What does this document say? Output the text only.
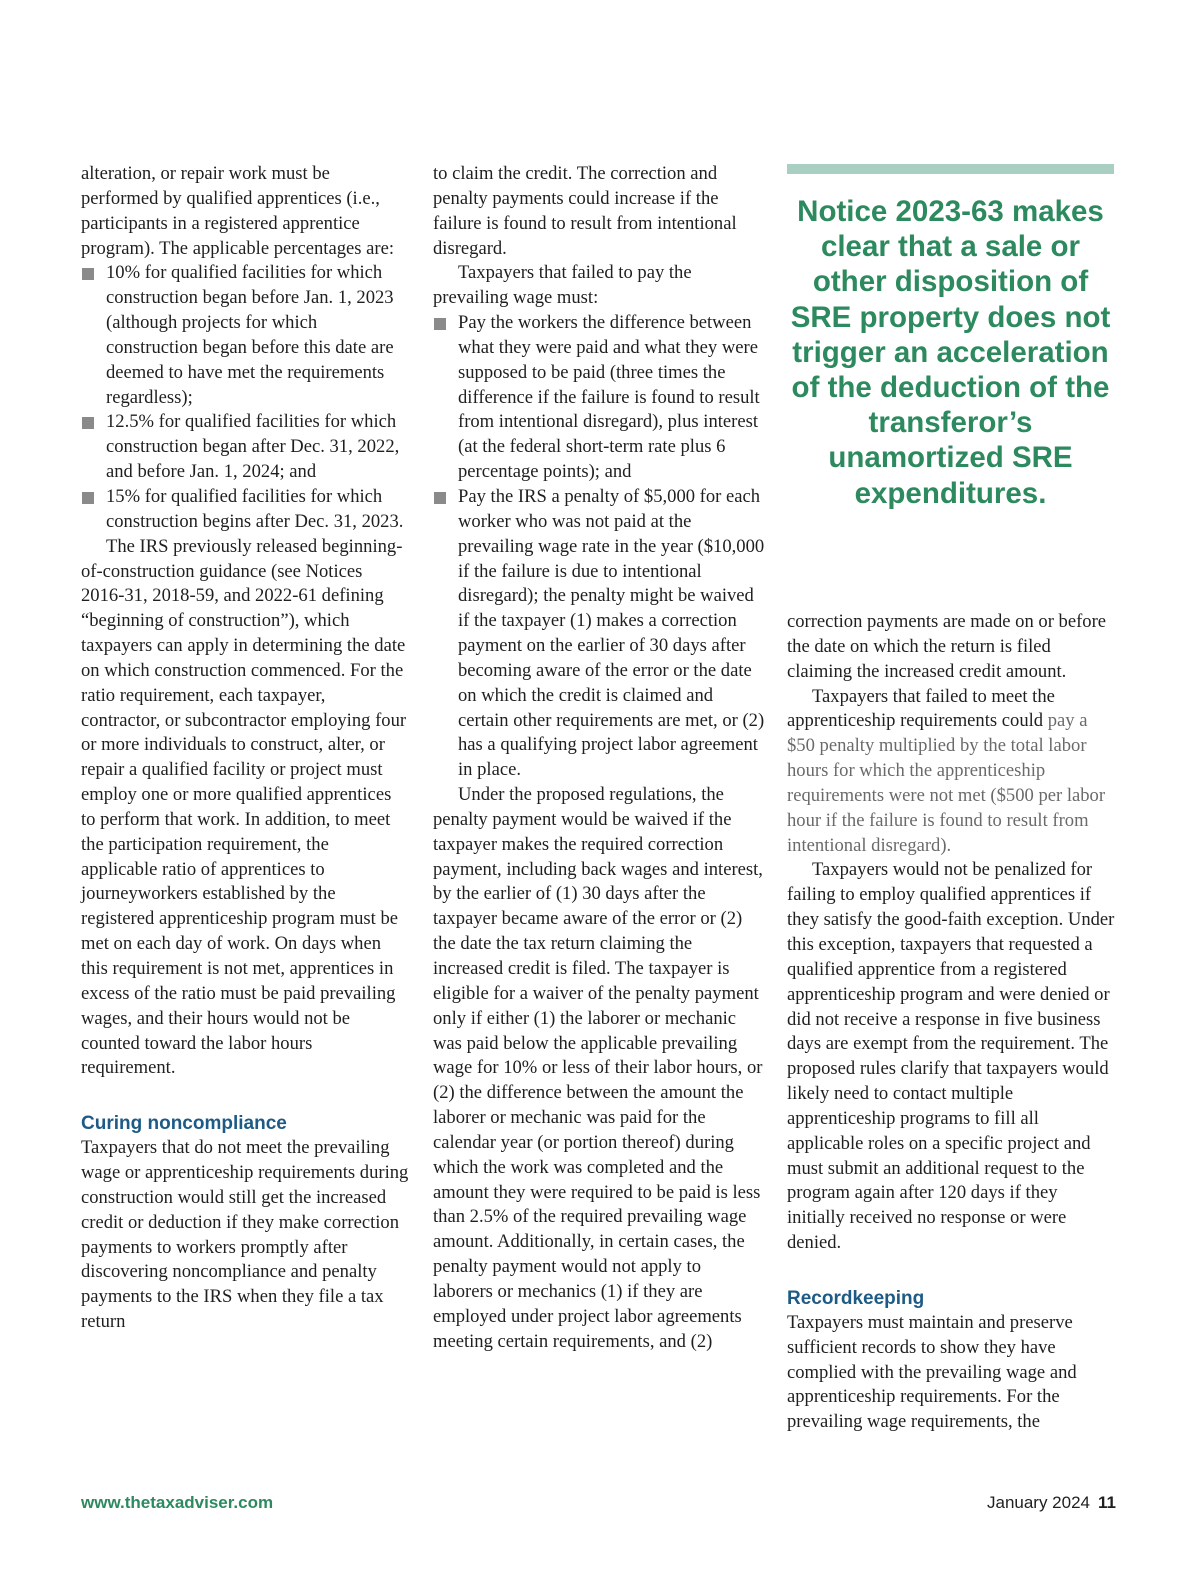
alteration, or repair work must be performed by qualified apprentices (i.e., participants in a registered apprentice program). The applicable percentages are:

10% for qualified facilities for which construction began before Jan. 1, 2023 (although projects for which construction began before this date are deemed to have met the requirements regardless);
12.5% for qualified facilities for which construction began after Dec. 31, 2022, and before Jan. 1, 2024; and
15% for qualified facilities for which construction begins after Dec. 31, 2023.

The IRS previously released beginning-of-construction guidance (see Notices 2016-31, 2018-59, and 2022-61 defining “beginning of construction”), which taxpayers can apply in determining the date on which construction commenced. For the ratio requirement, each taxpayer, contractor, or subcontractor employing four or more individuals to construct, alter, or repair a qualified facility or project must employ one or more qualified apprentices to perform that work. In addition, to meet the participation requirement, the applicable ratio of apprentices to journeyworkers established by the registered apprenticeship program must be met on each day of work. On days when this requirement is not met, apprentices in excess of the ratio must be paid prevailing wages, and their hours would not be counted toward the labor hours requirement.

Curing noncompliance

Taxpayers that do not meet the prevailing wage or apprenticeship requirements during construction would still get the increased credit or deduction if they make correction payments to workers promptly after discovering noncompliance and penalty payments to the IRS when they file a tax return

to claim the credit. The correction and penalty payments could increase if the failure is found to result from intentional disregard.

Taxpayers that failed to pay the prevailing wage must:

Pay the workers the difference between what they were paid and what they were supposed to be paid (three times the difference if the failure is found to result from intentional disregard), plus interest (at the federal short-term rate plus 6 percentage points); and
Pay the IRS a penalty of $5,000 for each worker who was not paid at the prevailing wage rate in the year ($10,000 if the failure is due to intentional disregard); the penalty might be waived if the taxpayer (1) makes a correction payment on the earlier of 30 days after becoming aware of the error or the date on which the credit is claimed and certain other requirements are met, or (2) has a qualifying project labor agreement in place.

Under the proposed regulations, the penalty payment would be waived if the taxpayer makes the required correction payment, including back wages and interest, by the earlier of (1) 30 days after the taxpayer became aware of the error or (2) the date the tax return claiming the increased credit is filed. The taxpayer is eligible for a waiver of the penalty payment only if either (1) the laborer or mechanic was paid below the applicable prevailing wage for 10% or less of their labor hours, or (2) the difference between the amount the laborer or mechanic was paid for the calendar year (or portion thereof) during which the work was completed and the amount they were required to be paid is less than 2.5% of the required prevailing wage amount. Additionally, in certain cases, the penalty payment would not apply to laborers or mechanics (1) if they are employed under project labor agreements meeting certain requirements, and (2)

Notice 2023-63 makes clear that a sale or other disposition of SRE property does not trigger an acceleration of the deduction of the transferor’s unamortized SRE expenditures.

correction payments are made on or before the date on which the return is filed claiming the increased credit amount.

Taxpayers that failed to meet the apprenticeship requirements could pay a $50 penalty multiplied by the total labor hours for which the apprenticeship requirements were not met ($500 per labor hour if the failure is found to result from intentional disregard).

Taxpayers would not be penalized for failing to employ qualified apprentices if they satisfy the good-faith exception. Under this exception, taxpayers that requested a qualified apprentice from a registered apprenticeship program and were denied or did not receive a response in five business days are exempt from the requirement. The proposed rules clarify that taxpayers would likely need to contact multiple apprenticeship programs to fill all applicable roles on a specific project and must submit an additional request to the program again after 120 days if they initially received no response or were denied.

Recordkeeping

Taxpayers must maintain and preserve sufficient records to show they have complied with the prevailing wage and apprenticeship requirements. For the prevailing wage requirements, the

www.thetaxadviser.com	January 2024 11
